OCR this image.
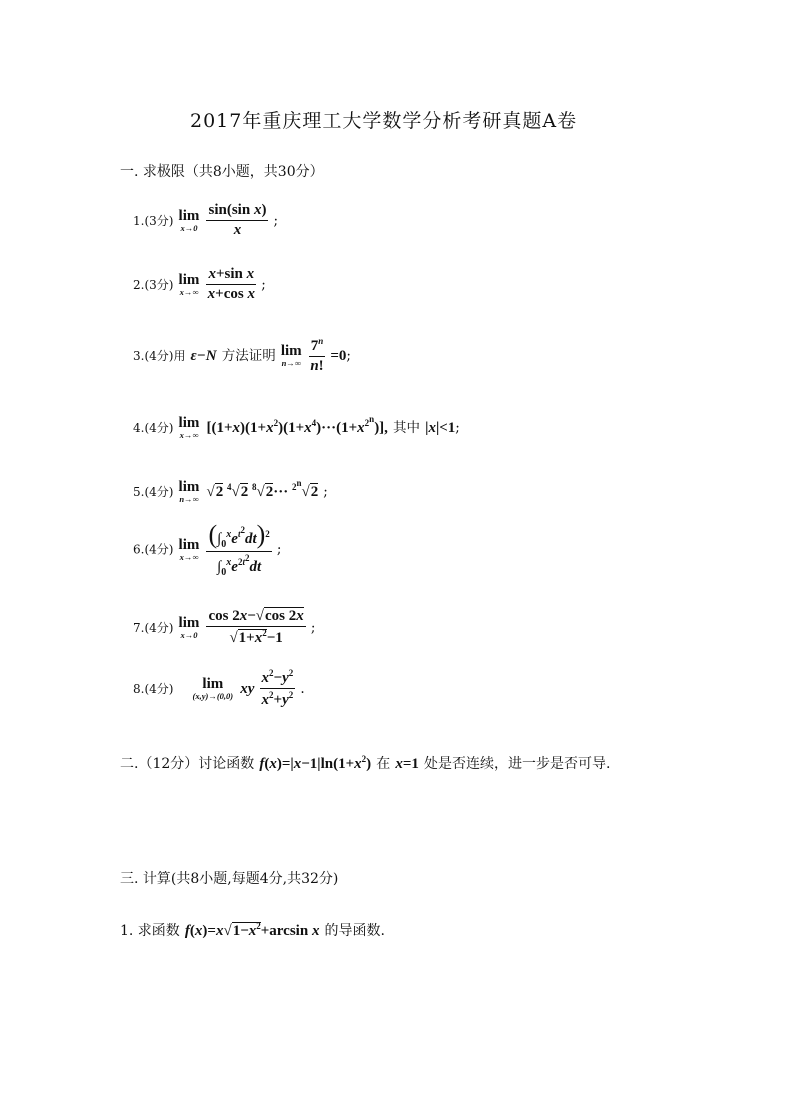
2017年重庆理工大学数学分析考研真题A卷
一. 求极限（共8小题，共30分）
1.(3分) lim
x→0
$\frac{\text{sin(sin x)}}{x}$ ;
2.(3分) lim
x→∞
$\frac{\text{x+sin x}}{\text{x+cos x}}$ ;
3.(4分)用 ε−N 方法证明 lim
n→∞
$\frac{7^n}{n!} =0$;
4.(4分) lim
x→∞ $[(1+x)(1+x^2)(1+x^4)\cdot\cdot\cdot(1+x^{2^n})]$, 其中 |x|<1;
5.(4分) lim
n→∞ √2 $^4$√2 $^8$√2··· $^{2^n}$√2 ;
6.(4分) lim
x→∞
$\frac{(\int_0^xe^{t^2}dt)^2}{\int_0^xe^{2t^2}dt}$ ;
7.(4分) lim
x→0
$\frac{\cos 2x-√\cos 2x}{√1+x^2-1}$ ;
8.(4分) lim
(x,y)→(0,0) xy $\frac{x^2-y^2}{x^2+y^2}$ .
二.（12分）讨论函数 $f(x)=|x-1|\ln(1+x^2)$ 在 x=1 处是否连续，进一步是否可导.
三. 计算(共8小题,每题4分,共32分)
1. 求函数 $f(x)=x√1-x^2+\arcsin$ x 的导函数.
